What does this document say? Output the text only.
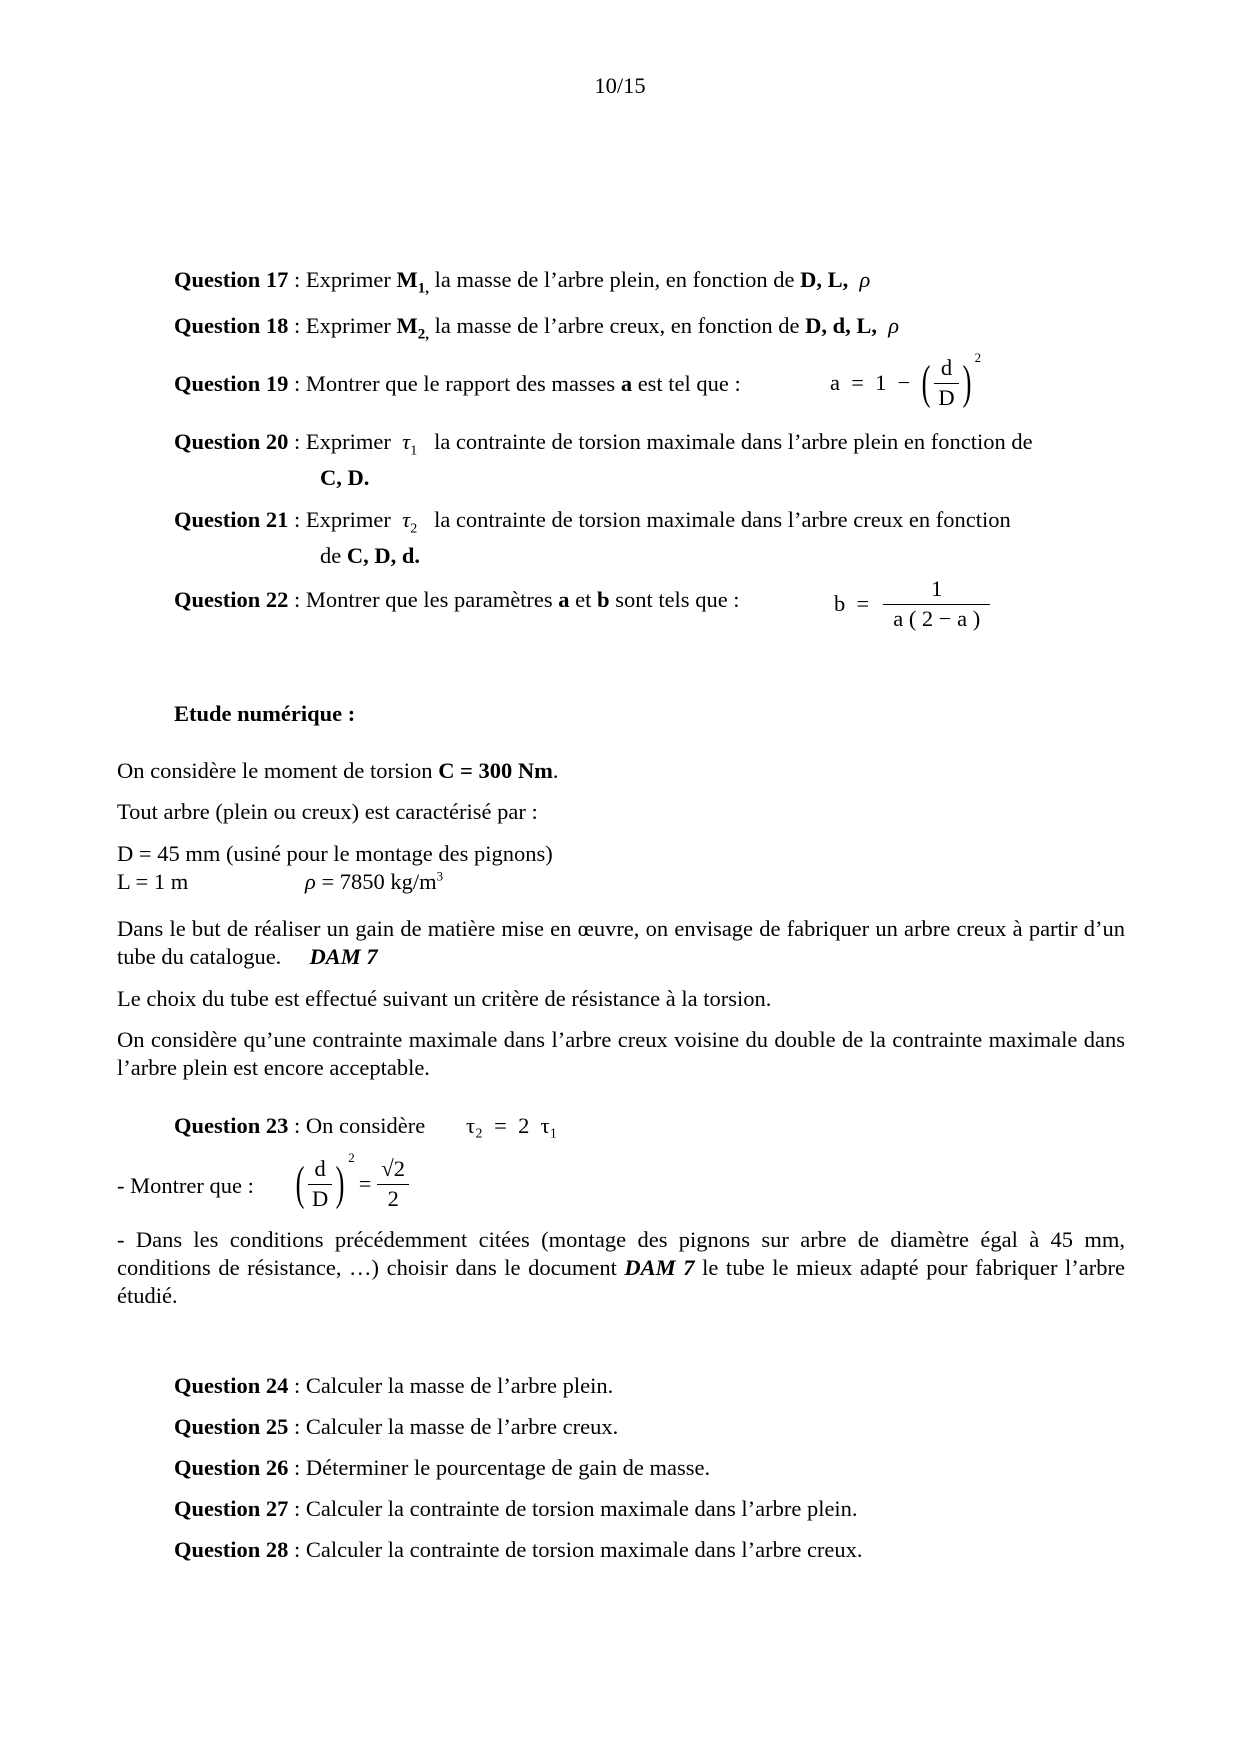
10/15
Question 17 : Exprimer $M_{1,}$ la masse de l’arbre plein, en fonction de D, L, ρ
Question 18 : Exprimer $M_{2,}$ la masse de l’arbre creux, en fonction de D, d, L, ρ
Question 19 : Montrer que le rapport des masses a est tel que :	a  =  1  − ( $\frac{d}{D}$ ) 2
Question 20 : Exprimer  $\tau_1$   la contrainte de torsion maximale dans l’arbre plein en fonction de
C, D.
Question 21 : Exprimer  $\tau_2$   la contrainte de torsion maximale dans l’arbre creux en fonction
de C, D, d.
Question 22 : Montrer que les paramètres a et b sont tels que :	$b = \frac{1}{a ( 2 - a )}$
Etude numérique :
On considère le moment de torsion C = 300 Nm.
Tout arbre (plein ou creux) est caractérisé par :
D = 45 mm (usiné pour le montage des pignons)
L = 1 m	ρ = 7850 $kg/m^3$
Dans le but de réaliser un gain de matière mise en œuvre, on envisage de fabriquer un arbre creux à partir d’un tube du catalogue. DAM 7
Le choix du tube est effectué suivant un critère de résistance à la torsion.
On considère qu’une contrainte maximale dans l’arbre creux voisine du double de la contrainte maximale dans l’arbre plein est encore acceptable.
Question 23 : On considère τ₂  =  2  τ₁
- Montrer que : ( $\frac{d}{D}$ ) 2
= $\frac{√2}{2}$
- Dans les conditions précédemment citées (montage des pignons sur arbre de diamètre égal à 45 mm, conditions de résistance, …) choisir dans le document DAM 7 le tube le mieux adapté pour fabriquer l’arbre étudié.
Question 24 : Calculer la masse de l’arbre plein.
Question 25 : Calculer la masse de l’arbre creux.
Question 26 : Déterminer le pourcentage de gain de masse.
Question 27 : Calculer la contrainte de torsion maximale dans l’arbre plein.
Question 28 : Calculer la contrainte de torsion maximale dans l’arbre creux.
